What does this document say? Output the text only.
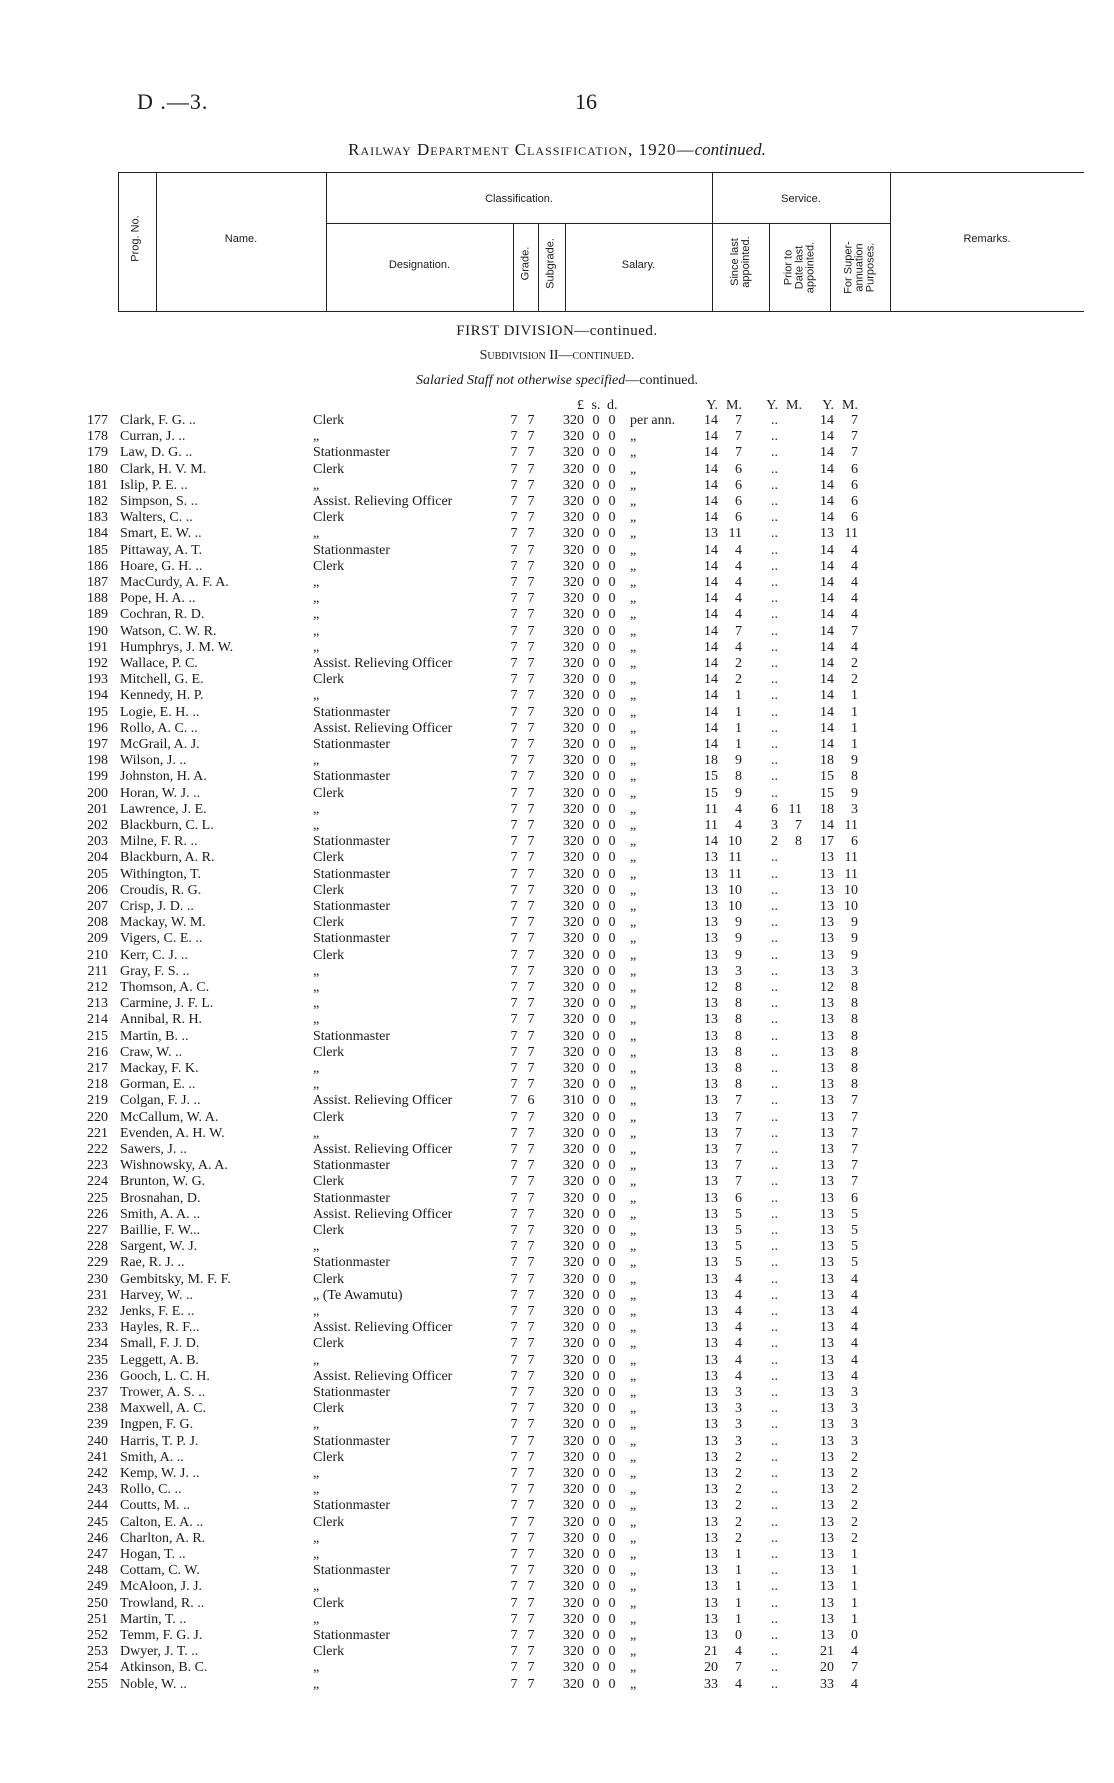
D .—3.	16
Railway Department Classification, 1920—continued.
Prog. No.	Name.
Classification.
Designation.	Grade. Subgrade.	Salary.
Service.
Since last
appointed.	Prior to
Date last
appointed. For Super-
annuation
Purposes.
Remarks.
FIRST DIVISION—continued.
Subdivision II—continued.
Salaried Staff not otherwise specified—continued.
£ s. d.	Y. M.	Y. M.	Y. M.
177 Clark, F. G. ..	Clerk	7 7	320 0 0 per ann.	14	7	..	14	7
178 Curran, J. ..	„	7 7	320 0 0 „	14	7	..	14	7
179 Law, D. G. ..	Stationmaster	7 7	320 0 0 „	14	7	..	14	7
180 Clark, H. V. M.	Clerk	7 7	320 0 0 „	14	6	..	14	6
181 Islip, P. E. ..	„	7 7	320 0 0 „	14	6	..	14	6
182 Simpson, S. ..	Assist. Relieving Officer	7 7	320 0 0 „	14	6	..	14	6
183 Walters, C. ..	Clerk	7 7	320 0 0 „	14	6	..	14	6
184 Smart, E. W. ..	„	7 7	320 0 0 „	13 11	..	13 11
185 Pittaway, A. T.	Stationmaster	7 7	320 0 0 „	14	4	..	14	4
186 Hoare, G. H. ..	Clerk	7 7	320 0 0 „	14	4	..	14	4
187 MacCurdy, A. F. A.	„	7 7	320 0 0 „	14	4	..	14	4
188 Pope, H. A. ..	„	7 7	320 0 0 „	14	4	..	14	4
189 Cochran, R. D.	„	7 7	320 0 0 „	14	4	..	14	4
190 Watson, C. W. R.	„	7 7	320 0 0 „	14	7	..	14	7
191 Humphrys, J. M. W.	„	7 7	320 0 0 „	14	4	..	14	4
192 Wallace, P. C.	Assist. Relieving Officer	7 7	320 0 0 „	14	2	..	14	2
193 Mitchell, G. E.	Clerk	7 7	320 0 0 „	14	2	..	14	2
194 Kennedy, H. P.	„	7 7	320 0 0 „	14	1	..	14	1
195 Logie, E. H. ..	Stationmaster	7 7	320 0 0 „	14	1	..	14	1
196 Rollo, A. C. ..	Assist. Relieving Officer	7 7	320 0 0 „	14	1	..	14	1
197 McGrail, A. J.	Stationmaster	7 7	320 0 0 „	14	1	..	14	1
198 Wilson, J. ..	„	7 7	320 0 0 „	18	9	..	18	9
199 Johnston, H. A.	Stationmaster	7 7	320 0 0 „	15	8	..	15	8
200 Horan, W. J. ..	Clerk	7 7	320 0 0 „	15	9	..	15	9
201 Lawrence, J. E.	„	7 7	320 0 0 „	11	4	6 11	18	3
202 Blackburn, C. L.	„	7 7	320 0 0 „	11	4	3	7	14 11
203 Milne, F. R. ..	Stationmaster	7 7	320 0 0 „	14 10	2	8	17	6
204 Blackburn, A. R.	Clerk	7 7	320 0 0 „	13 11	..	13 11
205 Withington, T.	Stationmaster	7 7	320 0 0 „	13 11	..	13 11
206 Croudis, R. G.	Clerk	7 7	320 0 0 „	13 10	..	13 10
207 Crisp, J. D. ..	Stationmaster	7 7	320 0 0 „	13 10	..	13 10
208 Mackay, W. M.	Clerk	7 7	320 0 0 „	13	9	..	13	9
209 Vigers, C. E. ..	Stationmaster	7 7	320 0 0 „	13	9	..	13	9
210 Kerr, C. J. ..	Clerk	7 7	320 0 0 „	13	9	..	13	9
211 Gray, F. S. ..	„	7 7	320 0 0 „	13	3	..	13	3
212 Thomson, A. C.	„	7 7	320 0 0 „	12	8	..	12	8
213 Carmine, J. F. L.	„	7 7	320 0 0 „	13	8	..	13	8
214 Annibal, R. H.	„	7 7	320 0 0 „	13	8	..	13	8
215 Martin, B. ..	Stationmaster	7 7	320 0 0 „	13	8	..	13	8
216 Craw, W. ..	Clerk	7 7	320 0 0 „	13	8	..	13	8
217 Mackay, F. K.	„	7 7	320 0 0 „	13	8	..	13	8
218 Gorman, E. ..	„	7 7	320 0 0 „	13	8	..	13	8
219 Colgan, F. J. ..	Assist. Relieving Officer	7 6	310 0 0 „	13	7	..	13	7
220 McCallum, W. A.	Clerk	7 7	320 0 0 „	13	7	..	13	7
221 Evenden, A. H. W.	„	7 7	320 0 0 „	13	7	..	13	7
222 Sawers, J. ..	Assist. Relieving Officer	7 7	320 0 0 „	13	7	..	13	7
223 Wishnowsky, A. A.	Stationmaster	7 7	320 0 0 „	13	7	..	13	7
224 Brunton, W. G.	Clerk	7 7	320 0 0 „	13	7	..	13	7
225 Brosnahan, D.	Stationmaster	7 7	320 0 0 „	13	6	..	13	6
226 Smith, A. A. ..	Assist. Relieving Officer	7 7	320 0 0 „	13	5	..	13	5
227 Baillie, F. W...	Clerk	7 7	320 0 0 „	13	5	..	13	5
228 Sargent, W. J.	„	7 7	320 0 0 „	13	5	..	13	5
229 Rae, R. J. ..	Stationmaster	7 7	320 0 0 „	13	5	..	13	5
230 Gembitsky, M. F. F.	Clerk	7 7	320 0 0 „	13	4	..	13	4
231 Harvey, W. ..	„ (Te Awamutu)	7 7	320 0 0 „	13	4	..	13	4
232 Jenks, F. E. ..	„	7 7	320 0 0 „	13	4	..	13	4
233 Hayles, R. F...	Assist. Relieving Officer	7 7	320 0 0 „	13	4	..	13	4
234 Small, F. J. D.	Clerk	7 7	320 0 0 „	13	4	..	13	4
235 Leggett, A. B.	„	7 7	320 0 0 „	13	4	..	13	4
236 Gooch, L. C. H.	Assist. Relieving Officer	7 7	320 0 0 „	13	4	..	13	4
237 Trower, A. S. ..	Stationmaster	7 7	320 0 0 „	13	3	..	13	3
238 Maxwell, A. C.	Clerk	7 7	320 0 0 „	13	3	..	13	3
239 Ingpen, F. G.	„	7 7	320 0 0 „	13	3	..	13	3
240 Harris, T. P. J.	Stationmaster	7 7	320 0 0 „	13	3	..	13	3
241 Smith, A. ..	Clerk	7 7	320 0 0 „	13	2	..	13	2
242 Kemp, W. J. ..	„	7 7	320 0 0 „	13	2	..	13	2
243 Rollo, C. ..	„	7 7	320 0 0 „	13	2	..	13	2
244 Coutts, M. ..	Stationmaster	7 7	320 0 0 „	13	2	..	13	2
245 Calton, E. A. ..	Clerk	7 7	320 0 0 „	13	2	..	13	2
246 Charlton, A. R.	„	7 7	320 0 0 „	13	2	..	13	2
247 Hogan, T. ..	„	7 7	320 0 0 „	13	1	..	13	1
248 Cottam, C. W.	Stationmaster	7 7	320 0 0 „	13	1	..	13	1
249 McAloon, J. J.	„	7 7	320 0 0 „	13	1	..	13	1
250 Trowland, R. ..	Clerk	7 7	320 0 0 „	13	1	..	13	1
251 Martin, T. ..	„	7 7	320 0 0 „	13	1	..	13	1
252 Temm, F. G. J.	Stationmaster	7 7	320 0 0 „	13	0	..	13	0
253 Dwyer, J. T. ..	Clerk	7 7	320 0 0 „	21	4	..	21	4
254 Atkinson, B. C.	„	7 7	320 0 0 „	20	7	..	20	7
255 Noble, W. ..	„	7 7	320 0 0 „	33	4	..	33	4
